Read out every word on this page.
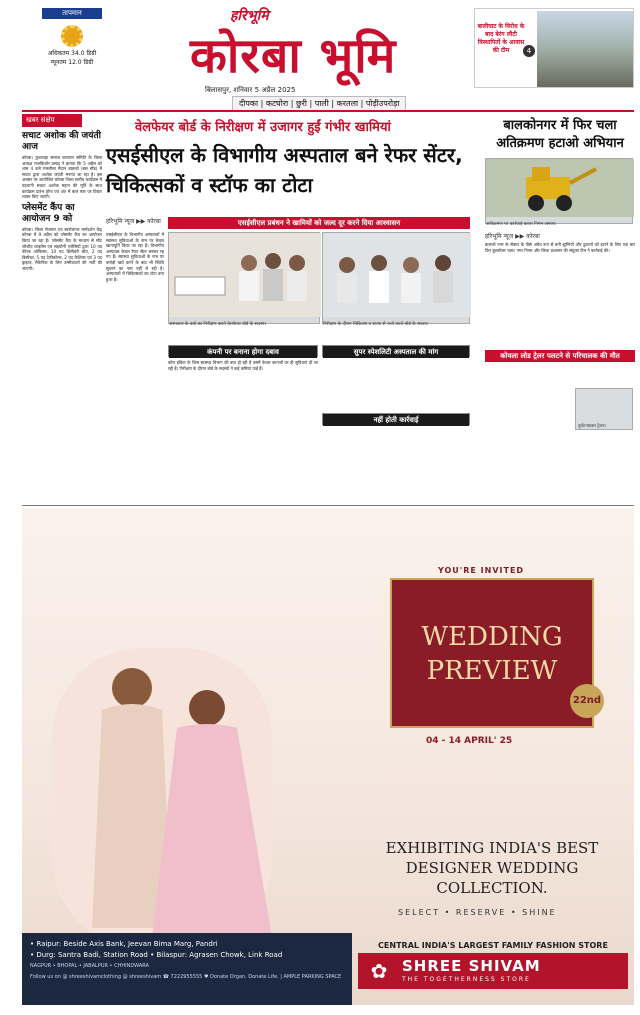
तापमान
अधिकतम 34.0 डिग्री
न्यूनतम 12.0 डिग्री
हरिभूमि
कोरबा भूमि
बिलासपुर, शनिवार 5 अप्रैल 2025
दीपका | कटघोरा | छुरी | पाली | करतला | पोड़ीउपरोड़ा
बालीघाट के विरोध के बाद बेरंग लौटी विस्थापितों के आवास की टीम	4
खबर संक्षेप
सचाट अशोक की जयंती आज

कोरबा। कुशवाहा समाज कल्याण समिति के जिला अध्यक्ष राजकिशोर प्रसाद ने बताया कि 5 अप्रैल को शाम 4 बजे रामलीला मैदान बालको (बस स्टैंड) में सचाट द्वारा अशोक जयंती मनाया जा रहा है। इस अवसर पर आयोजित कोरबा जिला स्तरीय कार्यक्रम में पहचानी सचाट अशोक महान की मूर्ति के साथ कार्यक्रम प्रारंभ होगा एवं अंत में बाल स्तर पर विचार व्यक्त किए जाएंगे।

प्लेसमेंट कैंप का आयोजन 9 को

कोरबा। जिला रोजगार एवं स्वरोजगार मार्गदर्शन केंद्र कोरबा में 9 अप्रैल को प्लेसमेंट कैंप का आयोजन किया जा रहा है। प्लेसमेंट कैंप के माध्यम से सीट जोशीय फाइनेंस एवं सहयोगी एजेंसियों द्वारा 10 पद फील्ड ऑफिसर, 10 पद डिलीवरी बॉय, 2 पद डिस्पैचर, 5 पद टेलीकॉलर, 2 पद कैशियर एवं 3 पद ड्राइवर, मैकेनिक के लिए उम्मीदवारों की भर्ती की जाएगी।

वेलफेयर बोर्ड के निरीक्षण में उजागर हुईं गंभीर खामियां
एसईसीएल के विभागीय अस्पताल बने रेफर सेंटर, चिकित्सकों व स्टॉफ का टोटा
हरिभूमि न्यूज ▶▶ कोरबा	एसईसीएल प्रबंधन ने खामियों को जल्द दूर करने दिया आश्वासन
एसईसीएल के विभागीय अस्पतालों में स्वास्थ्य सुविधाओं के नाम पर केवल खानापूर्ति किया जा रहा है। विभागीय अस्पताल केवल रेफर सेंटर बनकर रह गए हैं। स्वास्थ्य सुविधाओं के नाम पर करोड़ों खर्च करने के बाद भी स्थिति सुधरने का नाम नहीं ले रही है। अस्पतालों में चिकित्सकों का टोटा बना हुआ है।
अस्पताल के वार्ड का निरीक्षण करते वेलफेयर बोर्ड के सदस्य।	निरीक्षण के दौरान चिकित्सा व स्टाफ से चर्चा करते बोर्ड के सदस्य।
कंपनी पर बनाना होगा दबाव	सुपर स्पेशलिटी अस्पताल की मांग
कोल इंडिया के जिस स्वास्थ्य विभाग की बात हो रही है उसमें केवल कागजों पर ही सुविधाएं दी जा रही हैं। निरीक्षण के दौरान बोर्ड के सदस्यों ने कई कमियां पाई हैं।
नहीं होती कार्रवाई
बालकोनगर में फिर चला अतिक्रमण हटाओ अभियान
अतिक्रमण पर कार्रवाई करता निगम अमला।
हरिभूमि न्यूज ▶▶ कोरबा

बालको नगर के सेक्टर के पीछे अवैध रूप से बनी झुग्गियों और दुकानों को हटाने के लिए एक बार फिर बुलडोजर चला। नगर निगम और जिला प्रशासन की संयुक्त टीम ने कार्रवाई की।

कोयला लोड ट्रेलर पलटने से परिचालक की मौत
दुर्घटनाग्रस्त ट्रेलर।
YOU'RE INVITED
WEDDING PREVIEW
22nd
04 - 14 APRIL' 25
EXHIBITING INDIA'S BEST DESIGNER WEDDING COLLECTION.
SELECT • RESERVE • SHINE
CENTRAL INDIA'S LARGEST FAMILY FASHION STORE
✿ SHREE SHIVAM
THE TOGETHERNESS STORE
• Raipur: Beside Axis Bank, Jeevan Bima Marg, Pandri
• Durg: Santra Badi, Station Road • Bilaspur: Agrasen Chowk, Link Road
NAGPUR • BHOPAL • JABALPUR • CHHINDWARA
Follow us on @ shreeshivamclothing @ shreeshivam ☎ 7222955555 ♥ Donate Organ. Donate Life. | AMPLE PARKING SPACE
